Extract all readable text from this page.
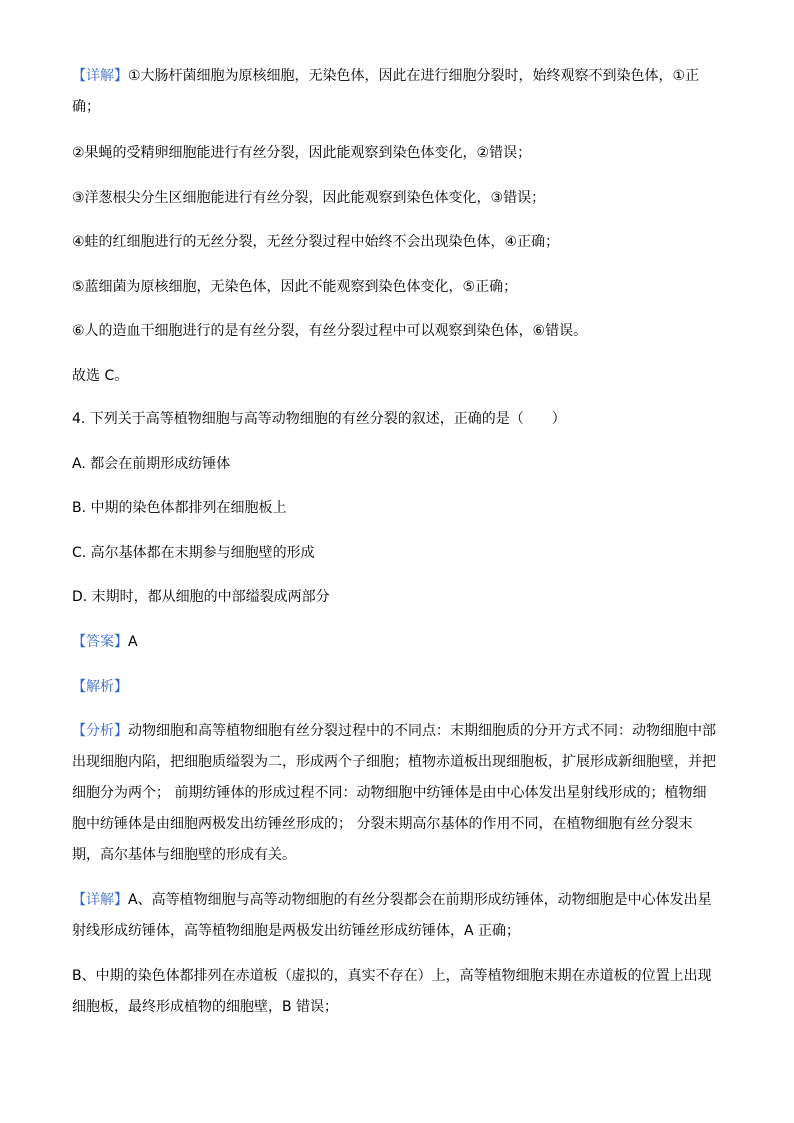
【详解】①大肠杆菌细胞为原核细胞，无染色体，因此在进行细胞分裂时，始终观察不到染色体，①正
确；
②果蝇的受精卵细胞能进行有丝分裂，因此能观察到染色体变化，②错误；
③洋葱根尖分生区细胞能进行有丝分裂，因此能观察到染色体变化，③错误；
④蛙的红细胞进行的无丝分裂，无丝分裂过程中始终不会出现染色体，④正确；
⑤蓝细菌为原核细胞，无染色体，因此不能观察到染色体变化，⑤正确；
⑥人的造血干细胞进行的是有丝分裂，有丝分裂过程中可以观察到染色体，⑥错误。
故选 C。
4. 下列关于高等植物细胞与高等动物细胞的有丝分裂的叙述，正确的是（　　）
A. 都会在前期形成纺锤体
B. 中期的染色体都排列在细胞板上
C. 高尔基体都在末期参与细胞壁的形成
D. 末期时，都从细胞的中部缢裂成两部分
【答案】A
【解析】
【分析】动物细胞和高等植物细胞有丝分裂过程中的不同点：末期细胞质的分开方式不同：动物细胞中部
出现细胞内陷，把细胞质缢裂为二，形成两个子细胞；植物赤道板出现细胞板，扩展形成新细胞壁，并把
细胞分为两个； 前期纺锤体的形成过程不同：动物细胞中纺锤体是由中心体发出星射线形成的；植物细
胞中纺锤体是由细胞两极发出纺锤丝形成的； 分裂末期高尔基体的作用不同，在植物细胞有丝分裂末
期，高尔基体与细胞壁的形成有关。
【详解】A、高等植物细胞与高等动物细胞的有丝分裂都会在前期形成纺锤体，动物细胞是中心体发出星
射线形成纺锤体，高等植物细胞是两极发出纺锤丝形成纺锤体，A 正确；
B、中期的染色体都排列在赤道板（虚拟的，真实不存在）上，高等植物细胞末期在赤道板的位置上出现
细胞板，最终形成植物的细胞壁，B 错误；
